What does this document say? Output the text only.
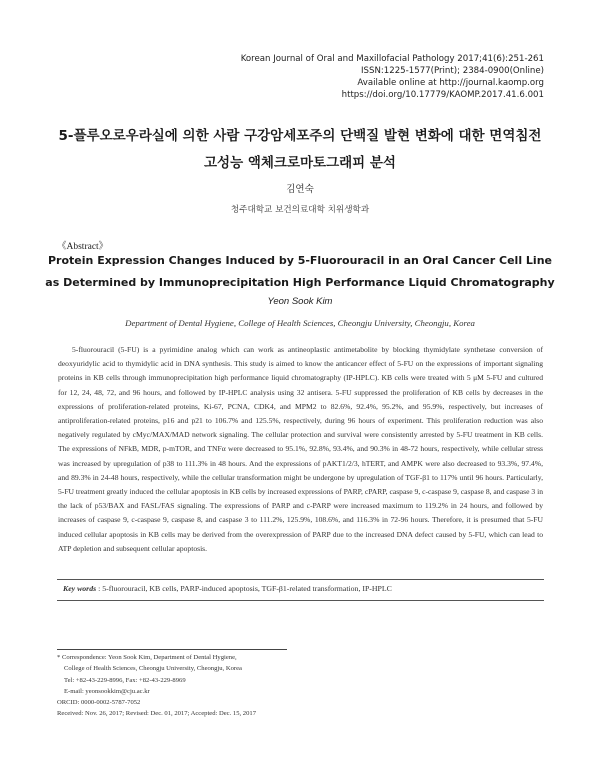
Korean Journal of Oral and Maxillofacial Pathology 2017;41(6):251-261
ISSN:1225-1577(Print); 2384-0900(Online)
Available online at http://journal.kaomp.org
https://doi.org/10.17779/KAOMP.2017.41.6.001
5-플루오로우라실에 의한 사람 구강암세포주의 단백질 발현 변화에 대한 면역침전
고성능 액체크로마토그래피 분석
김연숙
청주대학교 보건의료대학 치위생학과
《Abstract》
Protein Expression Changes Induced by 5-Fluorouracil in an Oral Cancer Cell Line
as Determined by Immunoprecipitation High Performance Liquid Chromatography
Yeon Sook Kim
Department of Dental Hygiene, College of Health Sciences, Cheongju University, Cheongju, Korea

5-fluorouracil (5-FU) is a pyrimidine analog which can work as antineoplastic antimetabolite by blocking thymidylate synthetase conversion of deoxyuridylic acid to thymidylic acid in DNA synthesis. This study is aimed to know the anticancer effect of 5-FU on the expressions of important signaling proteins in KB cells through immunoprecipitation high performance liquid chromatography (IP-HPLC). KB cells were treated with 5 μM 5-FU and cultured for 12, 24, 48, 72, and 96 hours, and followed by IP-HPLC analysis using 32 antisera. 5-FU suppressed the proliferation of KB cells by decreases in the expressions of proliferation-related proteins, Ki-67, PCNA, CDK4, and MPM2 to 82.6%, 92.4%, 95.2%, and 95.9%, respectively, but increases of antiproliferation-related proteins, p16 and p21 to 106.7% and 125.5%, respectively, during 96 hours of experiment. This proliferation reduction was also negatively regulated by cMyc/MAX/MAD network signaling. The cellular protection and survival were consistently arrested by 5-FU treatment in KB cells. The expressions of NFkB, MDR, p-mTOR, and TNFα were decreased to 95.1%, 92.8%, 93.4%, and 90.3% in 48-72 hours, respectively, while cellular stress was increased by upregulation of p38 to 111.3% in 48 hours. And the expressions of pAKT1/2/3, hTERT, and AMPK were also decreased to 93.3%, 97.4%, and 89.3% in 24-48 hours, respectively, while the cellular transformation might be undergone by upregulation of TGF-β1 to 117% until 96 hours. Particularly, 5-FU treatment greatly induced the cellular apoptosis in KB cells by increased expressions of PARP, cPARP, caspase 9, c-caspase 9, caspase 8, and caspase 3 in the lack of p53/BAX and FASL/FAS signaling. The expressions of PARP and c-PARP were increased maximum to 119.2% in 24 hours, and followed by increases of caspase 9, c-caspase 9, caspase 8, and caspase 3 to 111.2%, 125.9%, 108.6%, and 116.3% in 72-96 hours. Therefore, it is presumed that 5-FU induced cellular apoptosis in KB cells may be derived from the overexpression of PARP due to the increased DNA defect caused by 5-FU, which can lead to ATP depletion and subsequent cellular apoptosis.

Key words : 5-fluorouracil, KB cells, PARP-induced apoptosis, TGF-β1-related transformation, IP-HPLC
* Correspondence: Yeon Sook Kim, Department of Dental Hygiene,
College of Health Sciences, Cheongju University, Cheongju, Korea
Tel: +82-43-229-8996, Fax: +82-43-229-8969
E-mail: yeonsookkim@cju.ac.kr
ORCID: 0000-0002-5787-7052
Received: Nov. 26, 2017; Revised: Dec. 01, 2017; Accepted: Dec. 15, 2017
